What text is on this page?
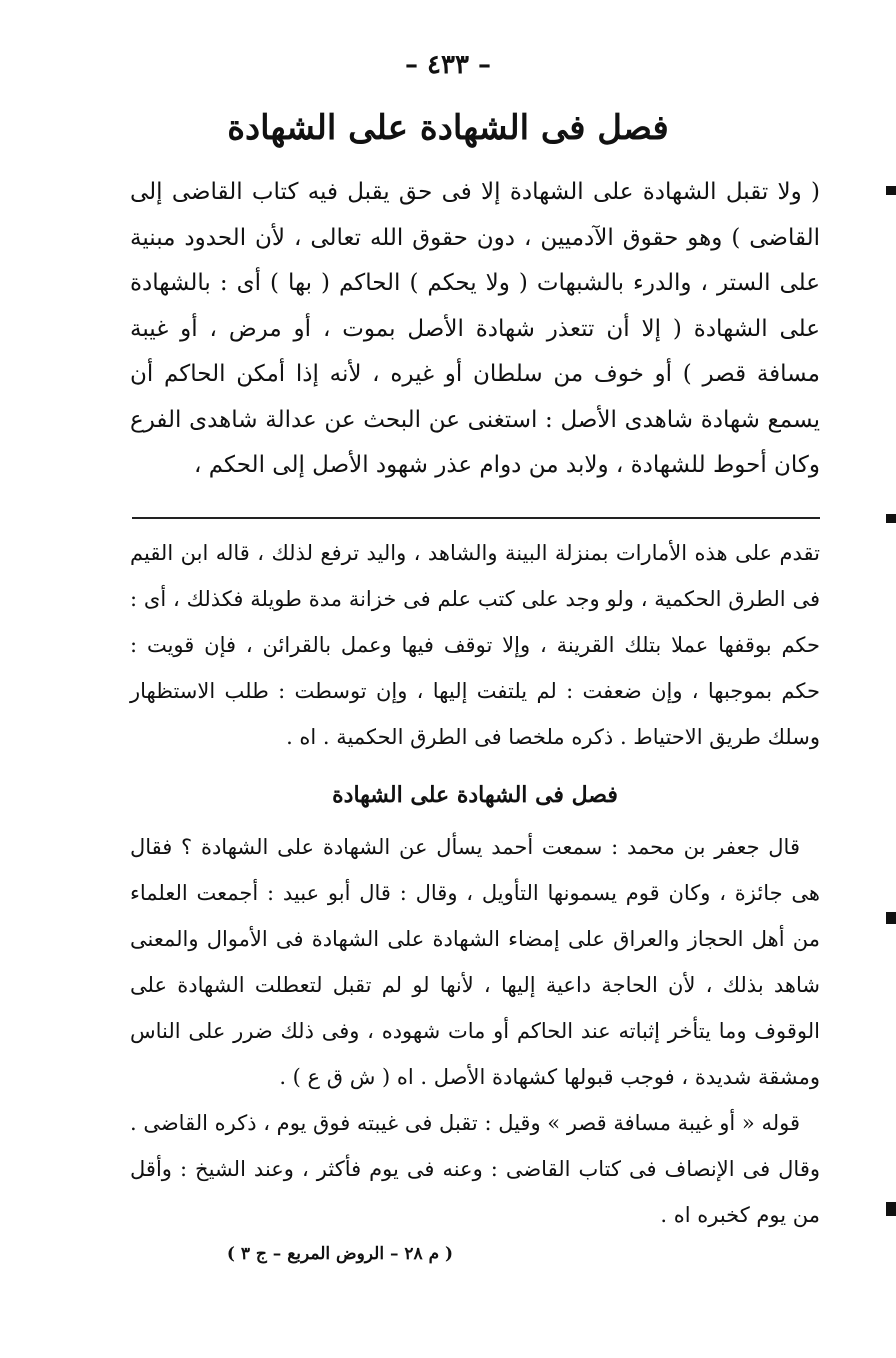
– ٤٣٣ –
فصل فى الشهادة على الشهادة
( ولا تقبل الشهادة على الشهادة إلا فى حق يقبل فيه كتاب القاضى إلى القاضى ) وهو حقوق الآدميين ، دون حقوق الله تعالى ، لأن الحدود مبنية على الستر ، والدرء بالشبهات ( ولا يحكم ) الحاكم ( بها ) أى : بالشهادة على الشهادة ( إلا أن تتعذر شهادة الأصل بموت ، أو مرض ، أو غيبة مسافة قصر ) أو خوف من سلطان أو غيره ، لأنه إذا أمكن الحاكم أن يسمع شهادة شاهدى الأصل : استغنى عن البحث عن عدالة شاهدى الفرع وكان أحوط للشهادة ، ولابد من دوام عذر شهود الأصل إلى الحكم ،

تقدم على هذه الأمارات بمنزلة البينة والشاهد ، واليد ترفع لذلك ، قاله ابن القيم فى الطرق الحكمية ، ولو وجد على كتب علم فى خزانة مدة طويلة فكذلك ، أى : حكم بوقفها عملا بتلك القرينة ، وإلا توقف فيها وعمل بالقرائن ، فإن قويت : حكم بموجبها ، وإن ضعفت : لم يلتفت إليها ، وإن توسطت : طلب الاستظهار وسلك طريق الاحتياط . ذكره ملخصا فى الطرق الحكمية . اه .

فصل فى الشهادة على الشهادة

قال جعفر بن محمد : سمعت أحمد يسأل عن الشهادة على الشهادة ؟ فقال هى جائزة ، وكان قوم يسمونها التأويل ، وقال : قال أبو عبيد : أجمعت العلماء من أهل الحجاز والعراق على إمضاء الشهادة على الشهادة فى الأموال والمعنى شاهد بذلك ، لأن الحاجة داعية إليها ، لأنها لو لم تقبل لتعطلت الشهادة على الوقوف وما يتأخر إثباته عند الحاكم أو مات شهوده ، وفى ذلك ضرر على الناس ومشقة شديدة ، فوجب قبولها كشهادة الأصل . اه ( ش ق ع ) .

قوله « أو غيبة مسافة قصر » وقيل : تقبل فى غيبته فوق يوم ، ذكره القاضى . وقال فى الإنصاف فى كتاب القاضى : وعنه فى يوم فأكثر ، وعند الشيخ : وأقل من يوم كخبره اه .

( م ٢٨ – الروض المربع – ج ٣ )
